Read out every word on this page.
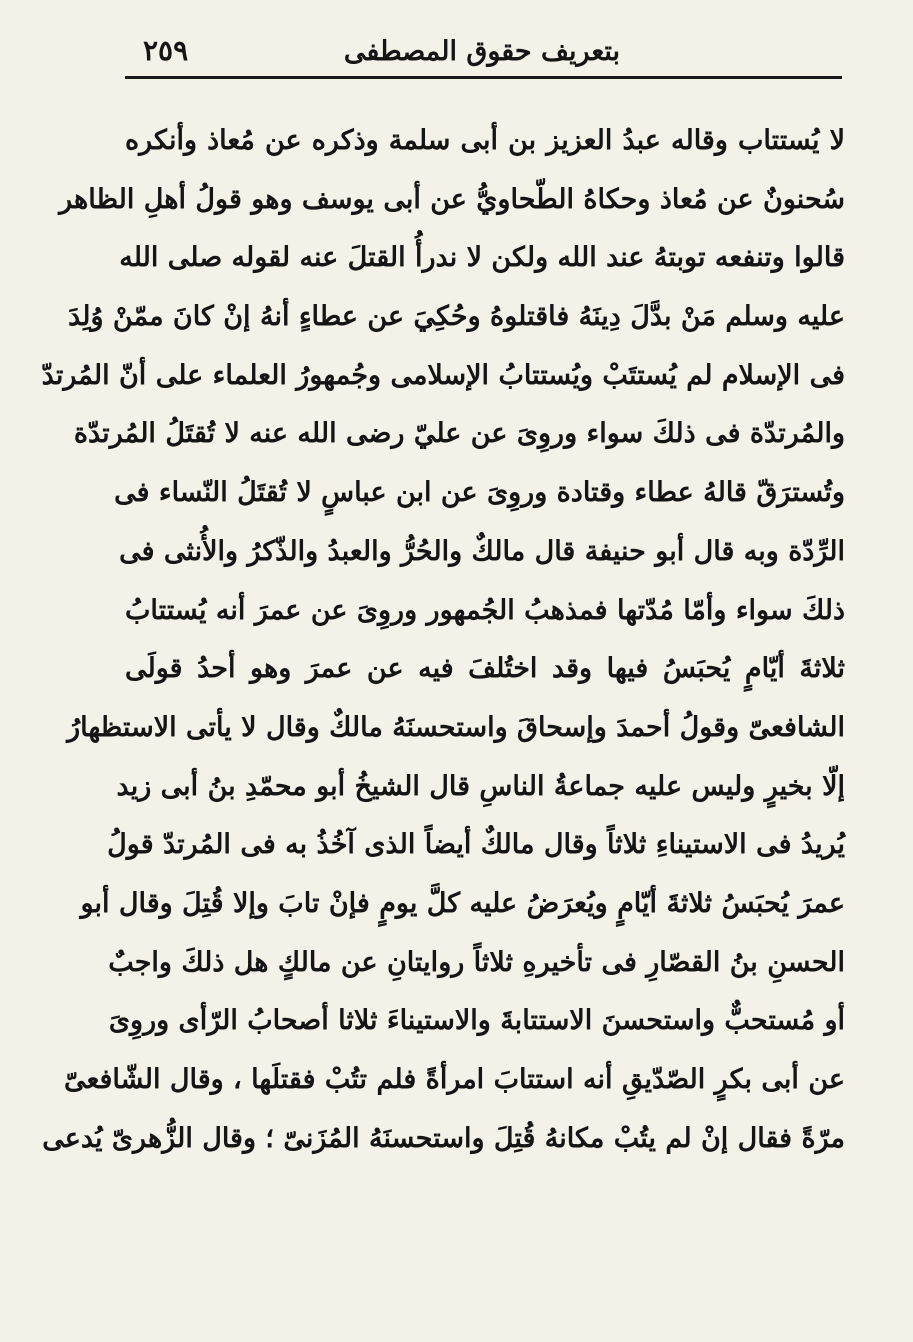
بتعريف حقوق المصطفى
٢٥٩
لا يُستتاب وقاله عبدُ العزيز بن أبى سلمة وذكره عن مُعاذ وأنكره
سُحنونٌ عن مُعاذ وحكاهُ الطّحاويُّ عن أبى يوسف وهو قولُ أهلِ الظاهر
قالوا وتنفعه توبتهُ عند الله ولكن لا ندرأُ القتلَ عنه لقوله صلى الله
عليه وسلم مَنْ بدَّلَ دِينَهُ فاقتلوهُ وحُكِيَ عن عطاءٍ أنهُ إنْ كانَ ممّنْ وُلِدَ
فى الإسلام لم يُستتَبْ ويُستتابُ الإسلامى وجُمهورُ العلماء على أنّ المُرتدّ
والمُرتدّة فى ذلكَ سواء وروِىَ عن عليّ رضى الله عنه لا تُقتَلُ المُرتدّة
وتُسترَقّ قالهُ عطاء وقتادة وروِىَ عن ابن عباسٍ لا تُقتَلُ النّساء فى
الرِّدّة وبه قال أبو حنيفة قال مالكٌ والحُرُّ والعبدُ والذّكرُ والأُنثى فى
ذلكَ سواء وأمّا مُدّتها فمذهبُ الجُمهور وروِىَ عن عمرَ أنه يُستتابُ
ثلاثةَ أيّامٍ يُحبَسُ فيها وقد اختُلفَ فيه عن عمرَ وهو أحدُ قولَى
الشافعىّ وقولُ أحمدَ وإسحاقَ واستحسنَهُ مالكٌ وقال لا يأتى الاستظهارُ
إلّا بخيرٍ وليس عليه جماعةُ الناسِ قال الشيخُ أبو محمّدِ بنُ أبى زيد
يُريدُ فى الاستيناءِ ثلاثاً وقال مالكٌ أيضاً الذى آخُذُ به فى المُرتدّ قولُ
عمرَ يُحبَسُ ثلاثةَ أيّامٍ ويُعرَضُ عليه كلَّ يومٍ فإنْ تابَ وإلا قُتِلَ وقال أبو
الحسنِ بنُ القصّارِ فى تأخيرهِ ثلاثاً روايتانِ عن مالكٍ هل ذلكَ واجبٌ
أو مُستحبٌّ واستحسنَ الاستتابةَ والاستيناءَ ثلاثا أصحابُ الرّأى وروِىَ
عن أبى بكرٍ الصّدّيقِ أنه استتابَ امرأةً فلم تتُبْ فقتلَها ، وقال الشّافعىّ
مرّةً فقال إنْ لم يتُبْ مكانهُ قُتِلَ واستحسنَهُ المُزَنىّ ؛ وقال الزُّهرىّ يُدعى
